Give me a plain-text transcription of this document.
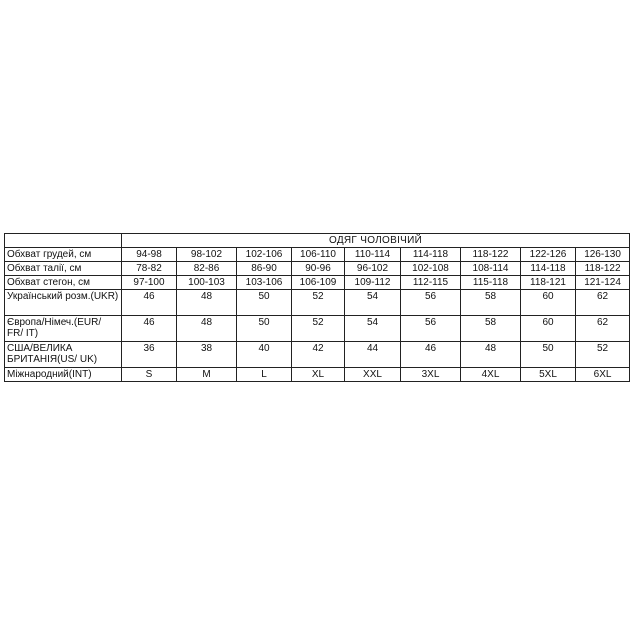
	ОДЯГ ЧОЛОВІЧИЙ								
Обхват грудей, см	94-98	98-102	102-106	106-110	110-114	114-118	118-122	122-126	126-130
Обхват талії, см	78-82	82-86	86-90	90-96	96-102	102-108	108-114	114-118	118-122
Обхват стегон, см	97-100	100-103	103-106	106-109	109-112	112-115	115-118	118-121	121-124
Український розм.(UKR)	46	48	50	52	54	56	58	60	62
Європа/Німеч.(EUR/ FR/ IT)	46	48	50	52	54	56	58	60	62
США/ВЕЛИКА БРИТАНІЯ(US/ UK)	36	38	40	42	44	46	48	50	52
Міжнародний(INT)	S	M	L	XL	XXL	3XL	4XL	5XL	6XL
